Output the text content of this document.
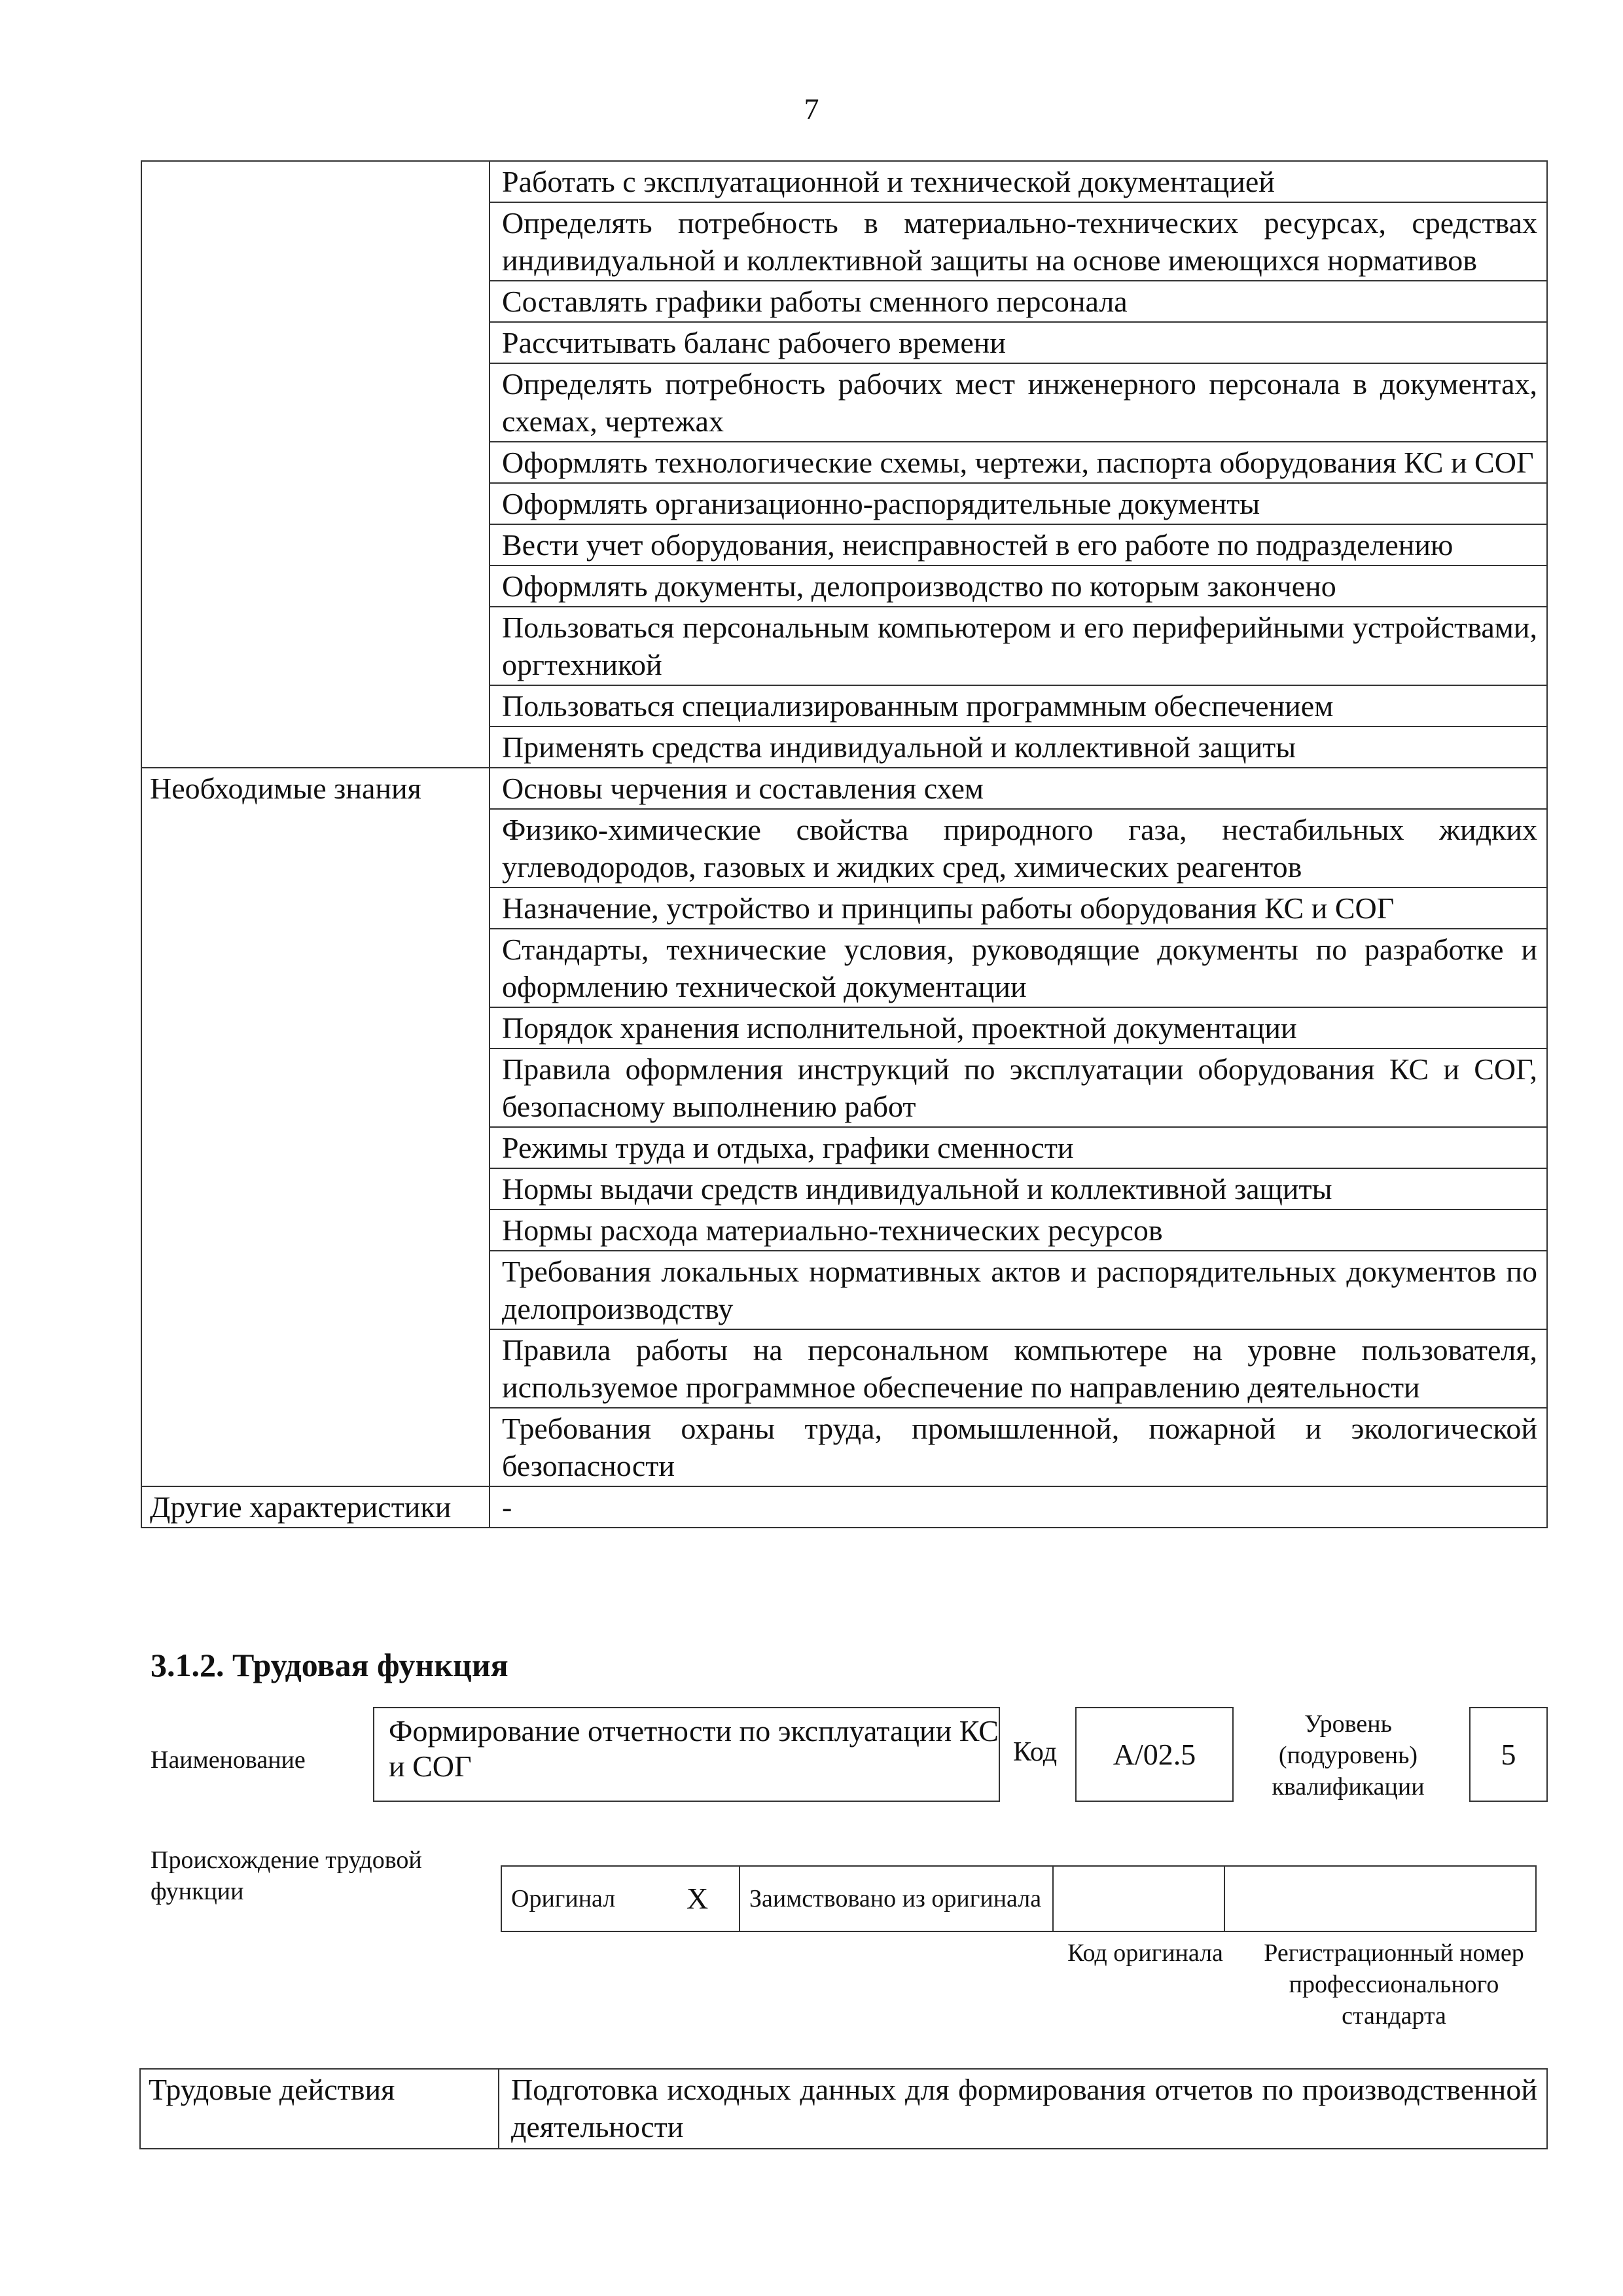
7
	Работать с эксплуатационной и технической документацией
	Определять потребность в материально-технических ресурсах, средствах индивидуальной и коллективной защиты на основе имеющихся нормативов
	Составлять графики работы сменного персонала
	Рассчитывать баланс рабочего времени
	Определять потребность рабочих мест инженерного персонала в документах, схемах, чертежах
	Оформлять технологические схемы, чертежи, паспорта оборудования КС и СОГ
	Оформлять организационно-распорядительные документы
	Вести учет оборудования, неисправностей в его работе по подразделению
	Оформлять документы, делопроизводство по которым закончено
	Пользоваться персональным компьютером и его периферийными устройствами, оргтехникой
	Пользоваться специализированным программным обеспечением
	Применять средства индивидуальной и коллективной защиты
Необходимые знания	Основы черчения и составления схем
	Физико-химические свойства природного газа, нестабильных жидких углеводородов, газовых и жидких сред, химических реагентов
	Назначение, устройство и принципы работы оборудования КС и СОГ
	Стандарты, технические условия, руководящие документы по разработке и оформлению технической документации
	Порядок хранения исполнительной, проектной документации
	Правила оформления инструкций по эксплуатации оборудования КС и СОГ, безопасному выполнению работ
	Режимы труда и отдыха, графики сменности
	Нормы выдачи средств индивидуальной и коллективной защиты
	Нормы расхода материально-технических ресурсов
	Требования локальных нормативных актов и распорядительных документов по делопроизводству
	Правила работы на персональном компьютере на уровне пользователя, используемое программное обеспечение по направлению деятельности
	Требования охраны труда, промышленной, пожарной и экологической безопасности
Другие характеристики	-
3.1.2. Трудовая функция
Наименование
Формирование отчетности по эксплуатации КС и СОГ	Код	А/02.5
Уровень (подуровень) квалификации
5
Происхождение трудовой функции	Оригинал	X	Заимствовано из оригинала		
Код оригинала	Регистрационный номер профессионального стандарта
Трудовые действия	Подготовка исходных данных для формирования отчетов по производственной деятельности
